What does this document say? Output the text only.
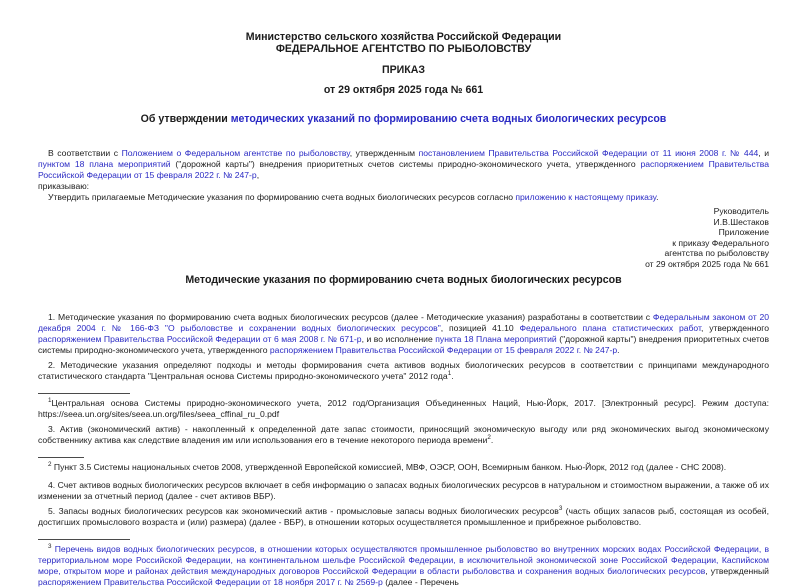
Министерство сельского хозяйства Российской Федерации
ФЕДЕРАЛЬНОЕ АГЕНТСТВО ПО РЫБОЛОВСТВУ
ПРИКАЗ
от 29 октября 2025 года № 661
Об утверждении методических указаний по формированию счета водных биологических ресурсов
В соответствии с Положением о Федеральном агентстве по рыболовству, утвержденным постановлением Правительства Российской Федерации от 11 июня 2008 г. № 444, и пунктом 18 плана мероприятий ("дорожной карты") внедрения приоритетных счетов системы природно-экономического учета, утвержденного распоряжением Правительства Российской Федерации от 15 февраля 2022 г. № 247-р,
приказываю:
Утвердить прилагаемые Методические указания по формированию счета водных биологических ресурсов согласно приложению к настоящему приказу.
Руководитель
И.В.Шестаков
Приложение
к приказу Федерального
агентства по рыболовству
от 29 октября 2025 года № 661
Методические указания по формированию счета водных биологических ресурсов
1. Методические указания по формированию счета водных биологических ресурсов (далее - Методические указания) разработаны в соответствии с Федеральным законом от 20 декабря 2004 г. № 166-ФЗ "О рыболовстве и сохранении водных биологических ресурсов", позицией 41.10 Федерального плана статистических работ, утвержденного распоряжением Правительства Российской Федерации от 6 мая 2008 г. № 671-р, и во исполнение пункта 18 Плана мероприятий ("дорожной карты") внедрения приоритетных счетов системы природно-экономического учета, утвержденного распоряжением Правительства Российской Федерации от 15 февраля 2022 г. № 247-р.
2. Методические указания определяют подходы и методы формирования счета активов водных биологических ресурсов в соответствии с принципами международного статистического стандарта "Центральная основа Системы природно-экономического учета" 2012 года$^1$.
$^1$Центральная основа Системы природно-экономического учета, 2012 год/Организация Объединенных Наций, Нью-Йорк, 2017. [Электронный ресурс]. Режим доступа:
https://seea.un.org/sites/seea.un.org/files/seea_cffinal_ru_0.pdf
3. Актив (экономический актив) - накопленный к определенной дате запас стоимости, приносящий экономическую выгоду или ряд экономических выгод экономическому собственнику актива как следствие владения им или использования его в течение некоторого периода времени$^2$.
$^2$ Пункт 3.5 Системы национальных счетов 2008, утвержденной Европейской комиссией, МВФ, ОЭСР, ООН, Всемирным банком. Нью-Йорк, 2012 год (далее - СНС 2008).
4. Счет активов водных биологических ресурсов включает в себя информацию о запасах водных биологических ресурсов в натуральном и стоимостном выражении, а также об их изменении за отчетный период (далее - счет активов ВБР).
5. Запасы водных биологических ресурсов как экономический актив - промысловые запасы водных биологических ресурсов$^3$ (часть общих запасов рыб, состоящая из особей, достигших промыслового возраста и (или) размера) (далее - ВБР), в отношении которых осуществляется промышленное и прибрежное рыболовство.
$^3$ Перечень видов водных биологических ресурсов, в отношении которых осуществляются промышленное рыболовство во внутренних морских водах Российской Федерации, в территориальном море Российской Федерации, на континентальном шельфе Российской Федерации, в исключительной экономической зоне Российской Федерации, Каспийском море, открытом море и районах действия международных договоров Российской Федерации в области рыболовства и сохранения водных биологических ресурсов, утвержденный распоряжением Правительства Российской Федерации от 18 ноября 2017 г. № 2569-р (далее - Перечень
